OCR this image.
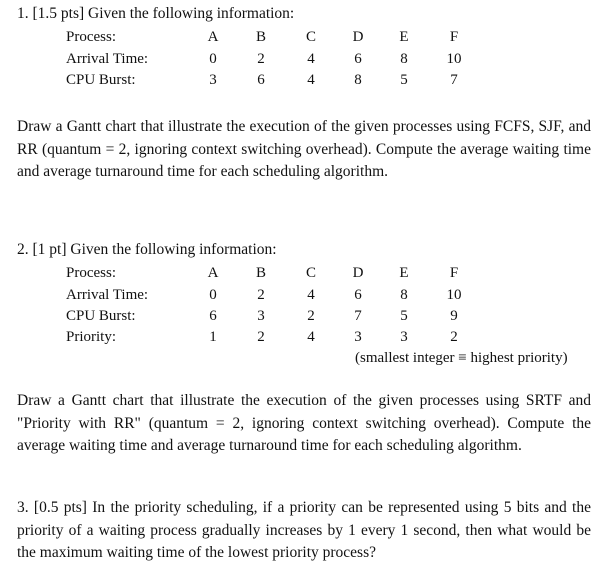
1. [1.5 pts] Given the following information:
Process:	A	B	C	D	E	F
Arrival Time:	0	2	4	6	8	10
CPU Burst:	3	6	4	8	5	7
Draw a Gantt chart that illustrate the execution of the given processes using FCFS, SJF, and RR (quantum = 2, ignoring context switching overhead). Compute the average waiting time and average turnaround time for each scheduling algorithm.
2. [1 pt] Given the following information:
Process:	A	B	C	D	E	F
Arrival Time:	0	2	4	6	8	10
CPU Burst:	6	3	2	7	5	9
Priority:	1	2	4	3	3	2
(smallest integer ≡ highest priority)
Draw a Gantt chart that illustrate the execution of the given processes using SRTF and "Priority with RR" (quantum = 2, ignoring context switching overhead). Compute the average waiting time and average turnaround time for each scheduling algorithm.
3. [0.5 pts] In the priority scheduling, if a priority can be represented using 5 bits and the priority of a waiting process gradually increases by 1 every 1 second, then what would be the maximum waiting time of the lowest priority process?
